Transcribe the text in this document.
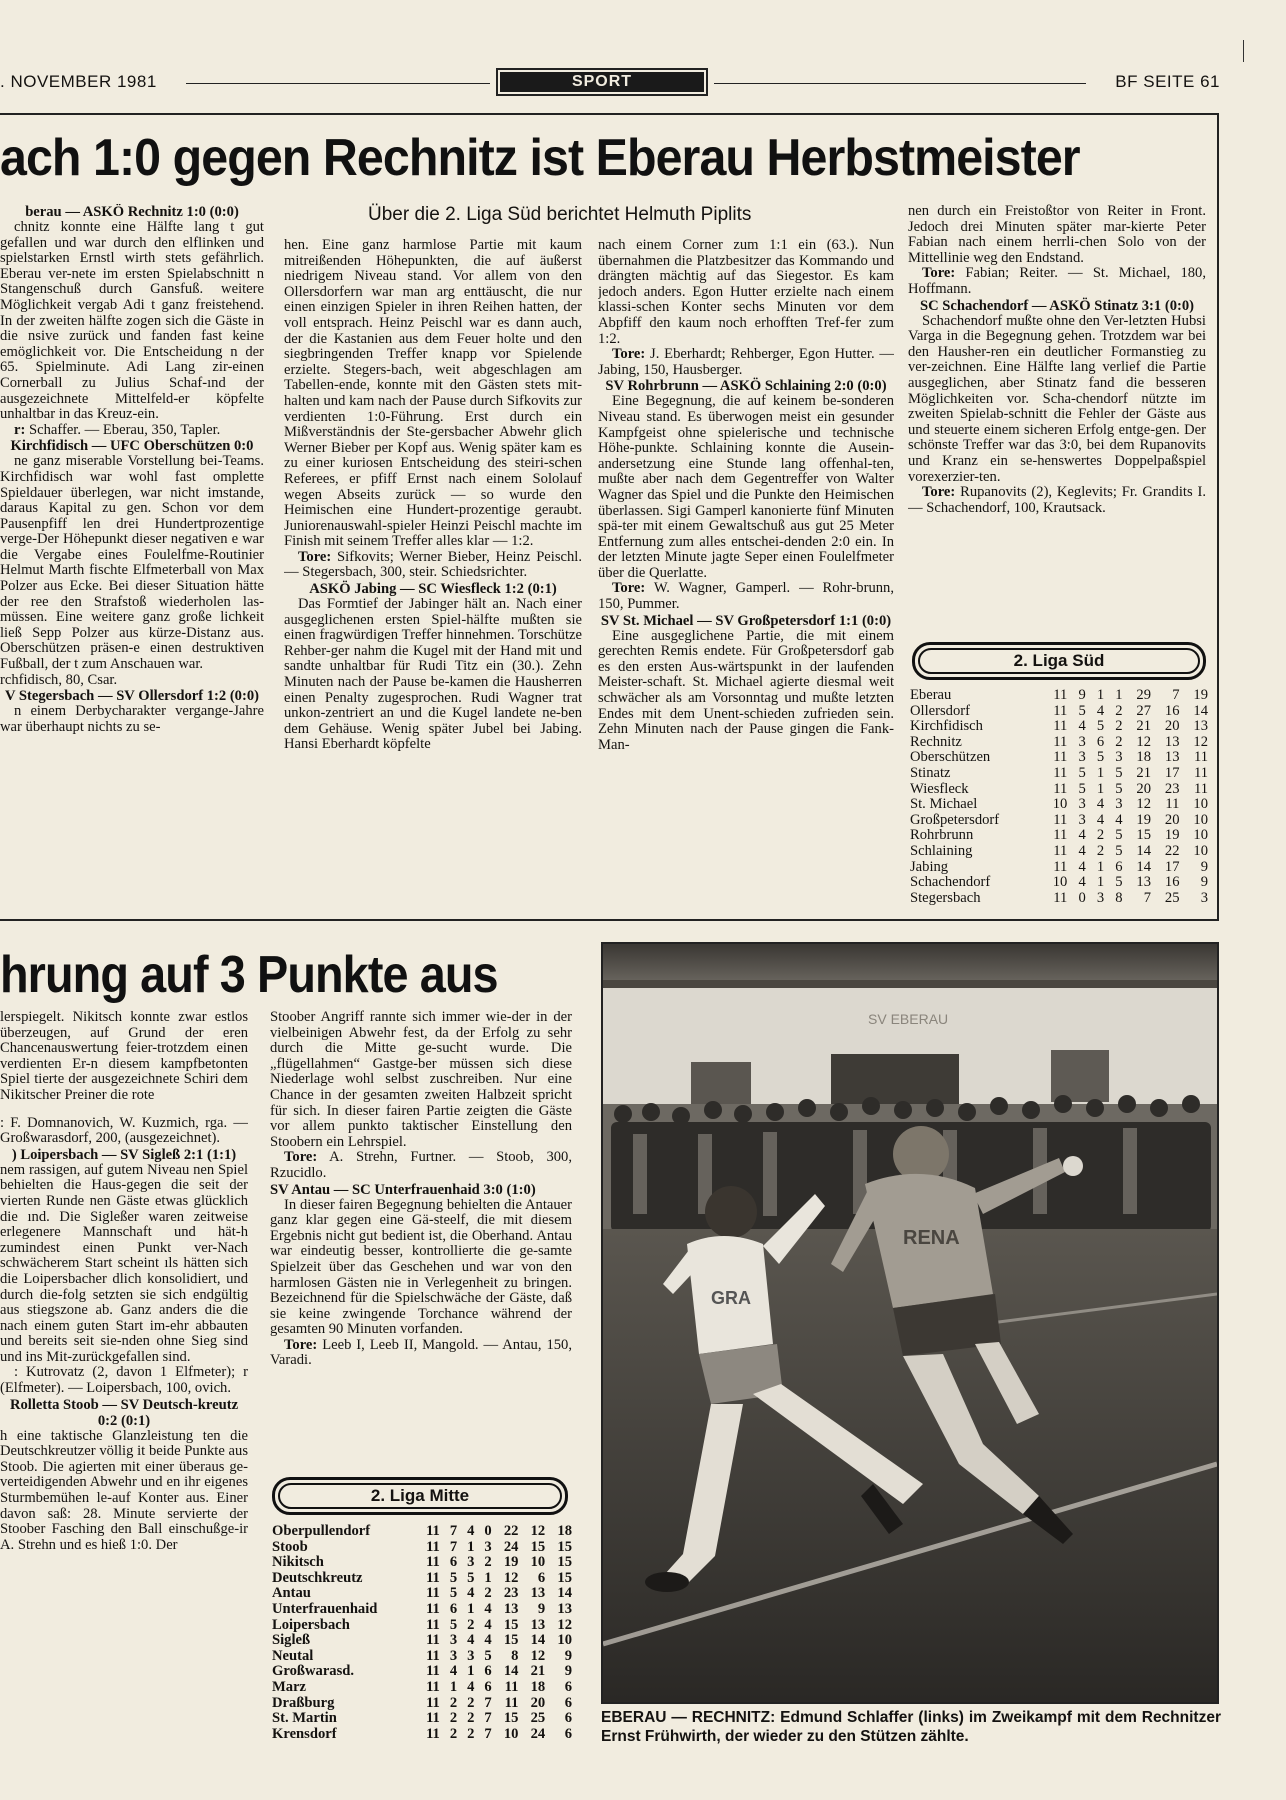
. NOVEMBER 1981	SPORT	BF SEITE 61
ach 1:0 gegen Rechnitz ist Eberau Herbstmeister
Über die 2. Liga Süd berichtet Helmuth Piplits

berau — ASKÖ Rechnitz 1:0 (0:0)

chnitz konnte eine Hälfte lang t gut gefallen und war durch den elflinken und spielstarken Ernstl wirth stets gefährlich. Eberau ver-nete im ersten Spielabschnitt n Stangenschuß durch Gansfuß. weitere Möglichkeit vergab Adi t ganz freistehend. In der zweiten hälfte zogen sich die Gäste in die nsive zurück und fanden fast keine emöglichkeit vor. Die Entscheidung n der 65. Spielminute. Adi Lang zir-einen Cornerball zu Julius Schaf-ınd der ausgezeichnete Mittelfeld-er köpfelte unhaltbar in das Kreuz-ein.

r: Schaffer. — Eberau, 350, Tapler.

Kirchfidisch — UFC Oberschützen 0:0

ne ganz miserable Vorstellung bei-Teams. Kirchfidisch war wohl fast omplette Spieldauer überlegen, war nicht imstande, daraus Kapital zu gen. Schon vor dem Pausenpfiff len drei Hundertprozentige verge-Der Höhepunkt dieser negativen e war die Vergabe eines Foulelfme-Routinier Helmut Marth fischte Elfmeterball von Max Polzer aus Ecke. Bei dieser Situation hätte der ree den Strafstoß wiederholen las-müssen. Eine weitere ganz große lichkeit ließ Sepp Polzer aus kürze-Distanz aus. Oberschützen präsen-e einen destruktiven Fußball, der t zum Anschauen war.

rchfidisch, 80, Csar.

V Stegersbach — SV Ollersdorf 1:2 (0:0)

n einem Derbycharakter vergange-Jahre war überhaupt nichts zu se-

hen. Eine ganz harmlose Partie mit kaum mitreißenden Höhepunkten, die auf äußerst niedrigem Niveau stand. Vor allem von den Ollersdorfern war man arg enttäuscht, die nur einen einzigen Spieler in ihren Reihen hatten, der voll entsprach. Heinz Peischl war es dann auch, der die Kastanien aus dem Feuer holte und den siegbringenden Treffer knapp vor Spielende erzielte. Stegers-bach, weit abgeschlagen am Tabellen-ende, konnte mit den Gästen stets mit-halten und kam nach der Pause durch Sifkovits zur verdienten 1:0-Führung. Erst durch ein Mißverständnis der Ste-gersbacher Abwehr glich Werner Bieber per Kopf aus. Wenig später kam es zu einer kuriosen Entscheidung des steiri-schen Referees, er pfiff Ernst nach einem Sololauf wegen Abseits zurück — so wurde den Heimischen eine Hundert-prozentige geraubt. Juniorenauswahl-spieler Heinzi Peischl machte im Finish mit seinem Treffer alles klar — 1:2.

Tore: Sifkovits; Werner Bieber, Heinz Peischl. — Stegersbach, 300, steir. Schiedsrichter.

ASKÖ Jabing — SC Wiesfleck 1:2 (0:1)

Das Formtief der Jabinger hält an. Nach einer ausgeglichenen ersten Spiel-hälfte mußten sie einen fragwürdigen Treffer hinnehmen. Torschütze Rehber-ger nahm die Kugel mit der Hand mit und sandte unhaltbar für Rudi Titz ein (30.). Zehn Minuten nach der Pause be-kamen die Hausherren einen Penalty zugesprochen. Rudi Wagner trat unkon-zentriert an und die Kugel landete ne-ben dem Gehäuse. Wenig später Jubel bei Jabing. Hansi Eberhardt köpfelte

nach einem Corner zum 1:1 ein (63.). Nun übernahmen die Platzbesitzer das Kommando und drängten mächtig auf das Siegestor. Es kam jedoch anders. Egon Hutter erzielte nach einem klassi-schen Konter sechs Minuten vor dem Abpfiff den kaum noch erhofften Tref-fer zum 1:2.

Tore: J. Eberhardt; Rehberger, Egon Hutter. — Jabing, 150, Hausberger.

SV Rohrbrunn — ASKÖ Schlaining 2:0 (0:0)

Eine Begegnung, die auf keinem be-sonderen Niveau stand. Es überwogen meist ein gesunder Kampfgeist ohne spielerische und technische Höhe-punkte. Schlaining konnte die Ausein-andersetzung eine Stunde lang offenhal-ten, mußte aber nach dem Gegentreffer von Walter Wagner das Spiel und die Punkte den Heimischen überlassen. Sigi Gamperl kanonierte fünf Minuten spä-ter mit einem Gewaltschuß aus gut 25 Meter Entfernung zum alles entschei-denden 2:0 ein. In der letzten Minute jagte Seper einen Foulelfmeter über die Querlatte.

Tore: W. Wagner, Gamperl. — Rohr-brunn, 150, Pummer.

SV St. Michael — SV Großpetersdorf 1:1 (0:0)

Eine ausgeglichene Partie, die mit einem gerechten Remis endete. Für Großpetersdorf gab es den ersten Aus-wärtspunkt in der laufenden Meister-schaft. St. Michael agierte diesmal weit schwächer als am Vorsonntag und mußte letzten Endes mit dem Unent-schieden zufrieden sein. Zehn Minuten nach der Pause gingen die Fank-Man-

nen durch ein Freistoßtor von Reiter in Front. Jedoch drei Minuten später mar-kierte Peter Fabian nach einem herrli-chen Solo von der Mittellinie weg den Endstand.

Tore: Fabian; Reiter. — St. Michael, 180, Hoffmann.

SC Schachendorf — ASKÖ Stinatz 3:1 (0:0)

Schachendorf mußte ohne den Ver-letzten Hubsi Varga in die Begegnung gehen. Trotzdem war bei den Hausher-ren ein deutlicher Formanstieg zu ver-zeichnen. Eine Hälfte lang verlief die Partie ausgeglichen, aber Stinatz fand die besseren Möglichkeiten vor. Scha-chendorf nützte im zweiten Spielab-schnitt die Fehler der Gäste aus und steuerte einem sicheren Erfolg entge-gen. Der schönste Treffer war das 3:0, bei dem Rupanovits und Kranz ein se-henswertes Doppelpaßspiel vorexerzier-ten.

Tore: Rupanovits (2), Keglevits; Fr. Grandits I. — Schachendorf, 100, Krautsack.

2. Liga Süd
Eberau	11	9	1	1	29	7	19
Ollersdorf	11	5	4	2	27	16	14
Kirchfidisch	11	4	5	2	21	20	13
Rechnitz	11	3	6	2	12	13	12
Oberschützen	11	3	5	3	18	13	11
Stinatz	11	5	1	5	21	17	11
Wiesfleck	11	5	1	5	20	23	11
St. Michael	10	3	4	3	12	11	10
Großpetersdorf	11	3	4	4	19	20	10
Rohrbrunn	11	4	2	5	15	19	10
Schlaining	11	4	2	5	14	22	10
Jabing	11	4	1	6	14	17	9
Schachendorf	10	4	1	5	13	16	9
Stegersbach	11	0	3	8	7	25	3
hrung auf 3 Punkte aus

lerspiegelt. Nikitsch konnte zwar estlos überzeugen, auf Grund der eren Chancenauswertung feier-trotzdem einen verdienten Er-n diesem kampfbetonten Spiel tierte der ausgezeichnete Schiri dem Nikitscher Preiner die rote

: F. Domnanovich, W. Kuzmich, rga. — Großwarasdorf, 200, (ausgezeichnet).

) Loipersbach — SV Sigleß 2:1 (1:1)

nem rassigen, auf gutem Niveau nen Spiel behielten die Haus-gegen die seit der vierten Runde nen Gäste etwas glücklich die ınd. Die Sigleßer waren zeitweise erlegenere Mannschaft und hät-h zumindest einen Punkt ver-Nach schwächerem Start scheint ıls hätten sich die Loipersbacher dlich konsolidiert, und durch die-folg setzten sie sich endgültig aus stiegszone ab. Ganz anders die die nach einem guten Start im-ehr abbauten und bereits seit sie-nden ohne Sieg sind und ins Mit-zurückgefallen sind.

: Kutrovatz (2, davon 1 Elfmeter); r (Elfmeter). — Loipersbach, 100, ovich.

Rolletta Stoob — SV Deutsch-kreutz 0:2 (0:1)

h eine taktische Glanzleistung ten die Deutschkreutzer völlig it beide Punkte aus Stoob. Die agierten mit einer überaus ge-verteidigenden Abwehr und en ihr eigenes Sturmbemühen le-auf Konter aus. Einer davon saß: 28. Minute servierte der Stoober Fasching den Ball einschußge-ir A. Strehn und es hieß 1:0. Der

Stoober Angriff rannte sich immer wie-der in der vielbeinigen Abwehr fest, da der Erfolg zu sehr durch die Mitte ge-sucht wurde. Die „flügellahmen“ Gastge-ber müssen sich diese Niederlage wohl selbst zuschreiben. Nur eine Chance in der gesamten zweiten Halbzeit spricht für sich. In dieser fairen Partie zeigten die Gäste vor allem punkto taktischer Einstellung den Stoobern ein Lehrspiel.

Tore: A. Strehn, Furtner. — Stoob, 300, Rzucidlo.

SV Antau — SC Unterfrauenhaid 3:0 (1:0)

In dieser fairen Begegnung behielten die Antauer ganz klar gegen eine Gä-steelf, die mit diesem Ergebnis nicht gut bedient ist, die Oberhand. Antau war eindeutig besser, kontrollierte die ge-samte Spielzeit über das Geschehen und war von den harmlosen Gästen nie in Verlegenheit zu bringen. Bezeichnend für die Spielschwäche der Gäste, daß sie keine zwingende Torchance während der gesamten 90 Minuten vorfanden.

Tore: Leeb I, Leeb II, Mangold. — Antau, 150, Varadi.

2. Liga Mitte
Oberpullendorf	11	7	4	0	22	12	18
Stoob	11	7	1	3	24	15	15
Nikitsch	11	6	3	2	19	10	15
Deutschkreutz	11	5	5	1	12	6	15
Antau	11	5	4	2	23	13	14
Unterfrauenhaid	11	6	1	4	13	9	13
Loipersbach	11	5	2	4	15	13	12
Sigleß	11	3	4	4	15	14	10
Neutal	11	3	3	5	8	12	9
Großwarasd.	11	4	1	6	14	21	9
Marz	11	1	4	6	11	18	6
Draßburg	11	2	2	7	11	20	6
St. Martin	11	2	2	7	15	25	6
Krensdorf	11	2	2	7	10	24	6
SV EBERAU
GRA
RENA
EBERAU — RECHNITZ: Edmund Schlaffer (links) im Zweikampf mit dem Rechnitzer Ernst Frühwirth, der wieder zu den Stützen zählte.
